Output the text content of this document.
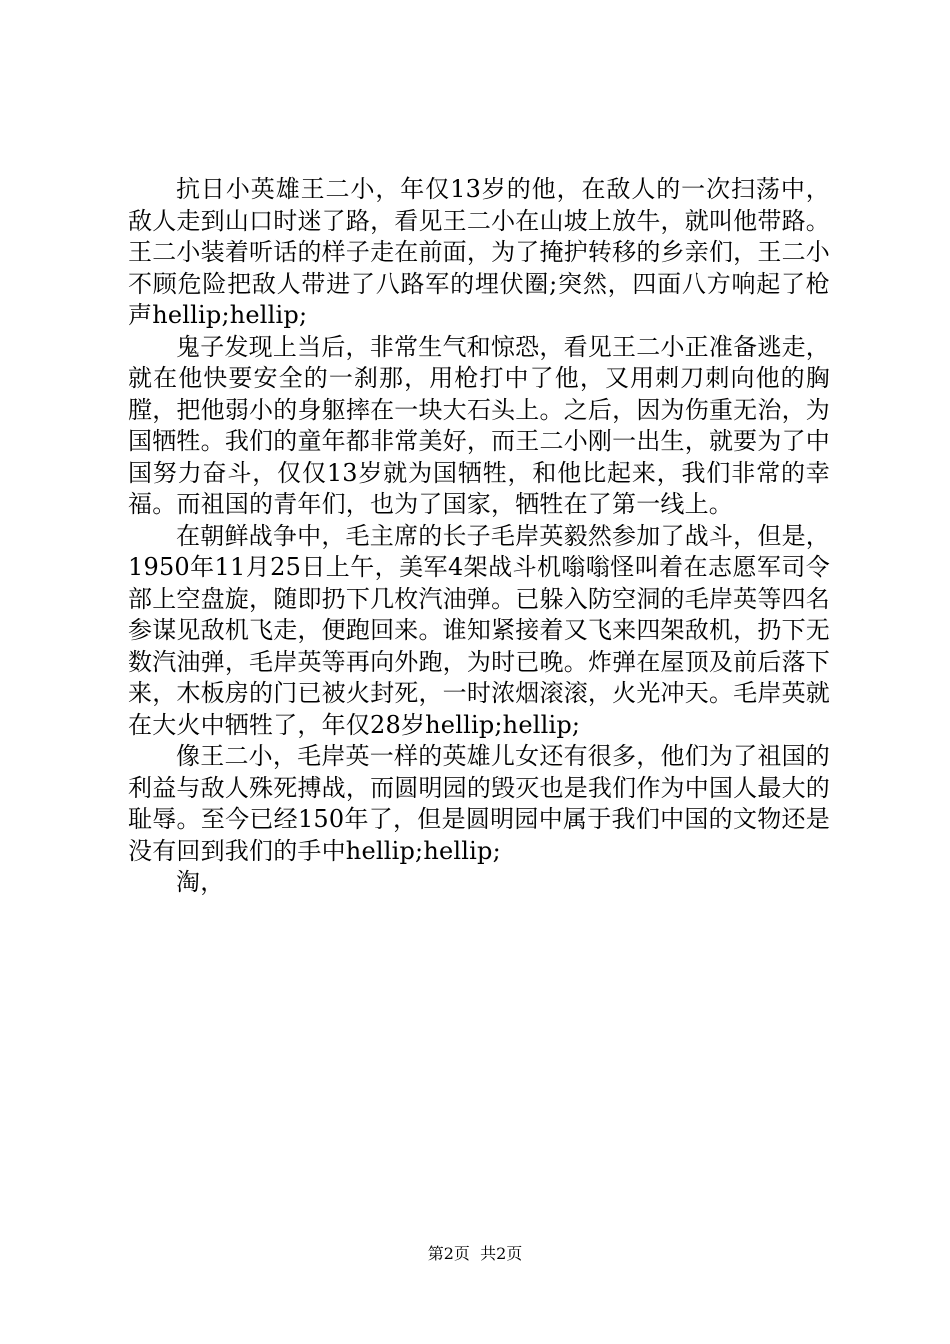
抗日小英雄王二小，年仅13岁的他，在敌人的一次扫荡中，敌人走到山口时迷了路，看见王二小在山坡上放牛，就叫他带路。王二小装着听话的样子走在前面，为了掩护转移的乡亲们，王二小不顾危险把敌人带进了八路军的埋伏圈;突然，四面八方响起了枪声hellip;hellip;

鬼子发现上当后，非常生气和惊恐，看见王二小正准备逃走，就在他快要安全的一刹那，用枪打中了他，又用刺刀刺向他的胸膛，把他弱小的身躯摔在一块大石头上。之后，因为伤重无治，为国牺牲。我们的童年都非常美好，而王二小刚一出生，就要为了中国努力奋斗，仅仅13岁就为国牺牲，和他比起来，我们非常的幸福。而祖国的青年们，也为了国家，牺牲在了第一线上。

在朝鲜战争中，毛主席的长子毛岸英毅然参加了战斗，但是，1950年11月25日上午，美军4架战斗机嗡嗡怪叫着在志愿军司令部上空盘旋，随即扔下几枚汽油弹。已躲入防空洞的毛岸英等四名参谋见敌机飞走，便跑回来。谁知紧接着又飞来四架敌机，扔下无数汽油弹，毛岸英等再向外跑，为时已晚。炸弹在屋顶及前后落下来，木板房的门已被火封死，一时浓烟滚滚，火光冲天。毛岸英就在大火中牺牲了，年仅28岁hellip;hellip;

像王二小，毛岸英一样的英雄儿女还有很多，他们为了祖国的利益与敌人殊死搏战，而圆明园的毁灭也是我们作为中国人最大的耻辱。至今已经150年了，但是圆明园中属于我们中国的文物还是没有回到我们的手中hellip;hellip;

淘，

第2页  共2页
